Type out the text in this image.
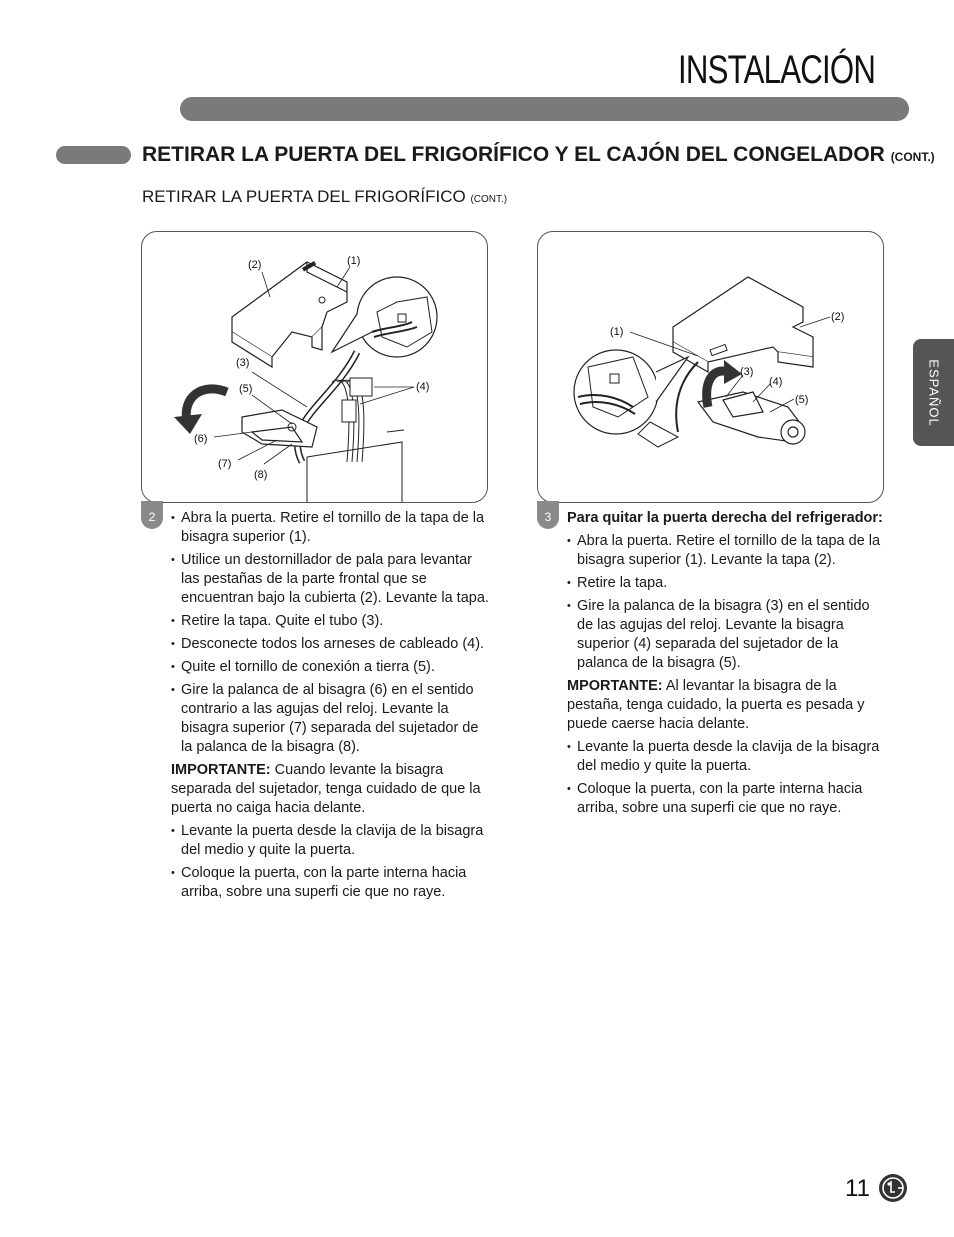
INSTALACIÓN
RETIRAR LA PUERTA DEL FRIGORÍFICO Y EL CAJÓN DEL CONGELADOR (CONT.)
RETIRAR LA PUERTA DEL FRIGORÍFICO (CONT.)
ESPAÑOL
(2)	(1)
(3)
(5)	(4)
(6)
(7)
(8)
(1)
(2)
(3)
(4)
(5)
2	3
• Abra la puerta. Retire el tornillo de la tapa de la bisagra superior (1).
• Utilice un destornillador de pala para levantar las pestañas de la parte frontal que se encuentran bajo la cubierta (2). Levante la tapa.
• Retire la tapa. Quite el tubo (3).
• Desconecte todos los arneses de cableado (4).
• Quite el tornillo de conexión a tierra (5).
• Gire la palanca de al bisagra (6) en el sentido contrario a las agujas del reloj. Levante la bisagra superior (7) separada del sujetador de la palanca de la bisagra (8).

IMPORTANTE: Cuando levante la bisagra separada del sujetador, tenga cuidado de que la puerta no caiga hacia delante.

• Levante la puerta desde la clavija de la bisagra del medio y quite la puerta.
• Coloque la puerta, con la parte interna hacia arriba, sobre una superfi cie que no raye.

Para quitar la puerta derecha del refrigerador:

• Abra la puerta. Retire el tornillo de la tapa de la bisagra superior (1). Levante la tapa (2).
• Retire la tapa.
• Gire la palanca de la bisagra (3) en el sentido de las agujas del reloj. Levante la bisagra superior (4) separada del sujetador de la palanca de la bisagra (5).

MPORTANTE: Al levantar la bisagra de la pestaña, tenga cuidado, la puerta es pesada y puede caerse hacia delante.

• Levante la puerta desde la clavija de la bisagra del medio y quite la puerta.
• Coloque la puerta, con la parte interna hacia arriba, sobre una superfi cie que no raye.
11
